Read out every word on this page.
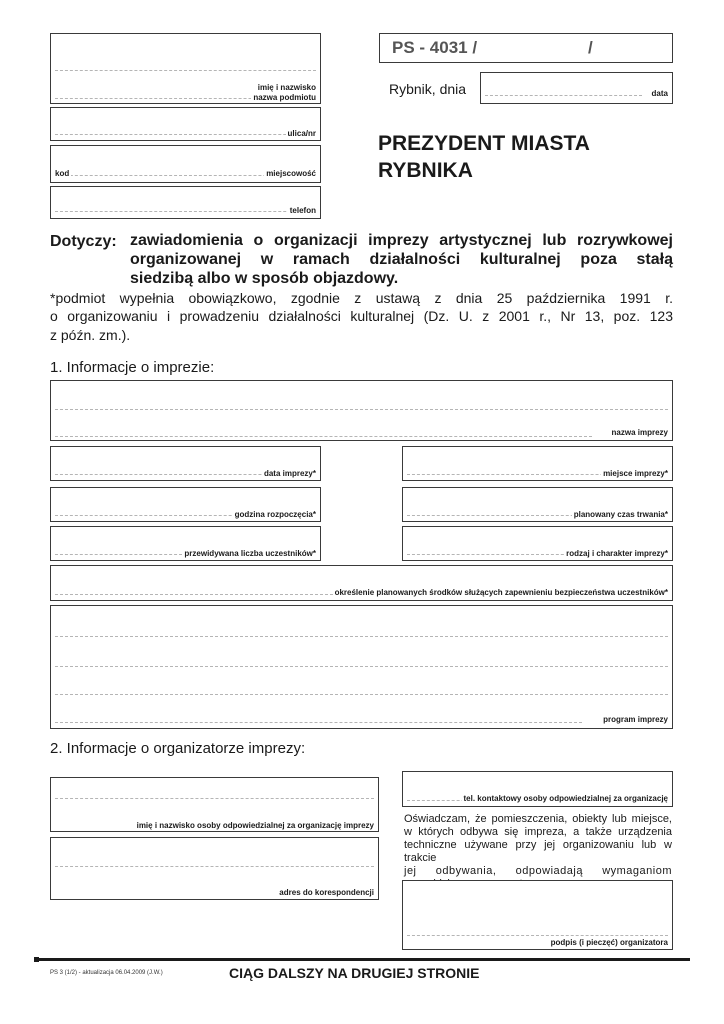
imię i nazwisko
nazwa podmiotu
ulica/nr
kod	miejscowość
telefon
PS - 4031 /	/
Rybnik, dnia	data
PREZYDENT MIASTA
RYBNIKA
Dotyczy: zawiadomienia o organizacji imprezy artystycznej lub rozrywkowej
organizowanej w ramach działalności kulturalnej poza stałą
siedzibą albo w sposób objazdowy.
*podmiot wypełnia obowiązkowo, zgodnie z ustawą z dnia 25 października 1991 r.
o organizowaniu i prowadzeniu działalności kulturalnej (Dz. U. z 2001 r., Nr 13, poz. 123
z późn. zm.).
1. Informacje o imprezie:
nazwa imprezy
data imprezy*	miejsce imprezy*
godzina rozpoczęcia*	planowany czas trwania*
przewidywana liczba uczestników*	rodzaj i charakter imprezy*
określenie planowanych środków służących zapewnieniu bezpieczeństwa uczestników*
program imprezy
2. Informacje o organizatorze imprezy:
imię i nazwisko osoby odpowiedzialnej za organizację imprezy
adres do korespondencji
tel. kontaktowy osoby odpowiedzialnej za organizację
Oświadczam, że pomieszczenia, obiekty lub miejsce,
w których odbywa się impreza, a także urządzenia
techniczne używane przy jej organizowaniu lub w trakcie
jej odbywania, odpowiadają wymaganiom
podpis (i pieczęć) organizatora
PS 3 (1/2) - aktualizacja 06.04.2009 (J.W.)	CIĄG DALSZY NA DRUGIEJ STRONIE
